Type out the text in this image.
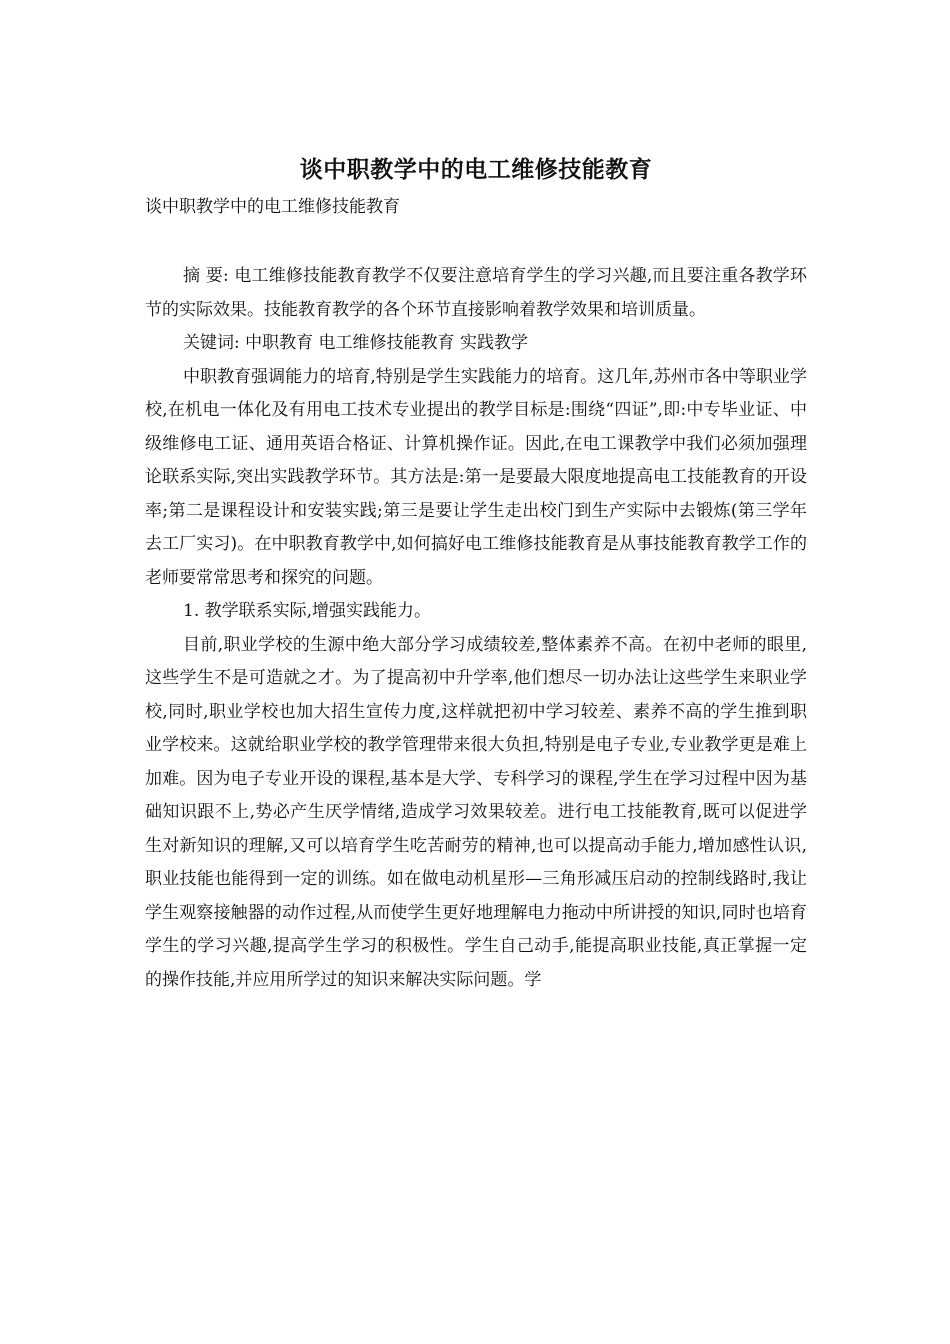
谈中职教学中的电工维修技能教育

谈中职教学中的电工维修技能教育

摘 要: 电工维修技能教育教学不仅要注意培育学生的学习兴趣,而且要注重各教学环节的实际效果。技能教育教学的各个环节直接影响着教学效果和培训质量。

关键词: 中职教育 电工维修技能教育 实践教学

中职教育强调能力的培育,特别是学生实践能力的培育。这几年,苏州市各中等职业学校,在机电一体化及有用电工技术专业提出的教学目标是:围绕“四证”,即:中专毕业证、中级维修电工证、通用英语合格证、计算机操作证。因此,在电工课教学中我们必须加强理论联系实际,突出实践教学环节。其方法是:第一是要最大限度地提高电工技能教育的开设率;第二是课程设计和安装实践;第三是要让学生走出校门到生产实际中去锻炼(第三学年去工厂实习)。在中职教育教学中,如何搞好电工维修技能教育是从事技能教育教学工作的老师要常常思考和探究的问题。

1. 教学联系实际,增强实践能力。

目前,职业学校的生源中绝大部分学习成绩较差,整体素养不高。在初中老师的眼里,这些学生不是可造就之才。为了提高初中升学率,他们想尽一切办法让这些学生来职业学校,同时,职业学校也加大招生宣传力度,这样就把初中学习较差、素养不高的学生推到职业学校来。这就给职业学校的教学管理带来很大负担,特别是电子专业,专业教学更是难上加难。因为电子专业开设的课程,基本是大学、专科学习的课程,学生在学习过程中因为基础知识跟不上,势必产生厌学情绪,造成学习效果较差。进行电工技能教育,既可以促进学生对新知识的理解,又可以培育学生吃苦耐劳的精神,也可以提高动手能力,增加感性认识,职业技能也能得到一定的训练。如在做电动机星形—三角形减压启动的控制线路时,我让学生观察接触器的动作过程,从而使学生更好地理解电力拖动中所讲授的知识,同时也培育学生的学习兴趣,提高学生学习的积极性。学生自己动手,能提高职业技能,真正掌握一定的操作技能,并应用所学过的知识来解决实际问题。学
